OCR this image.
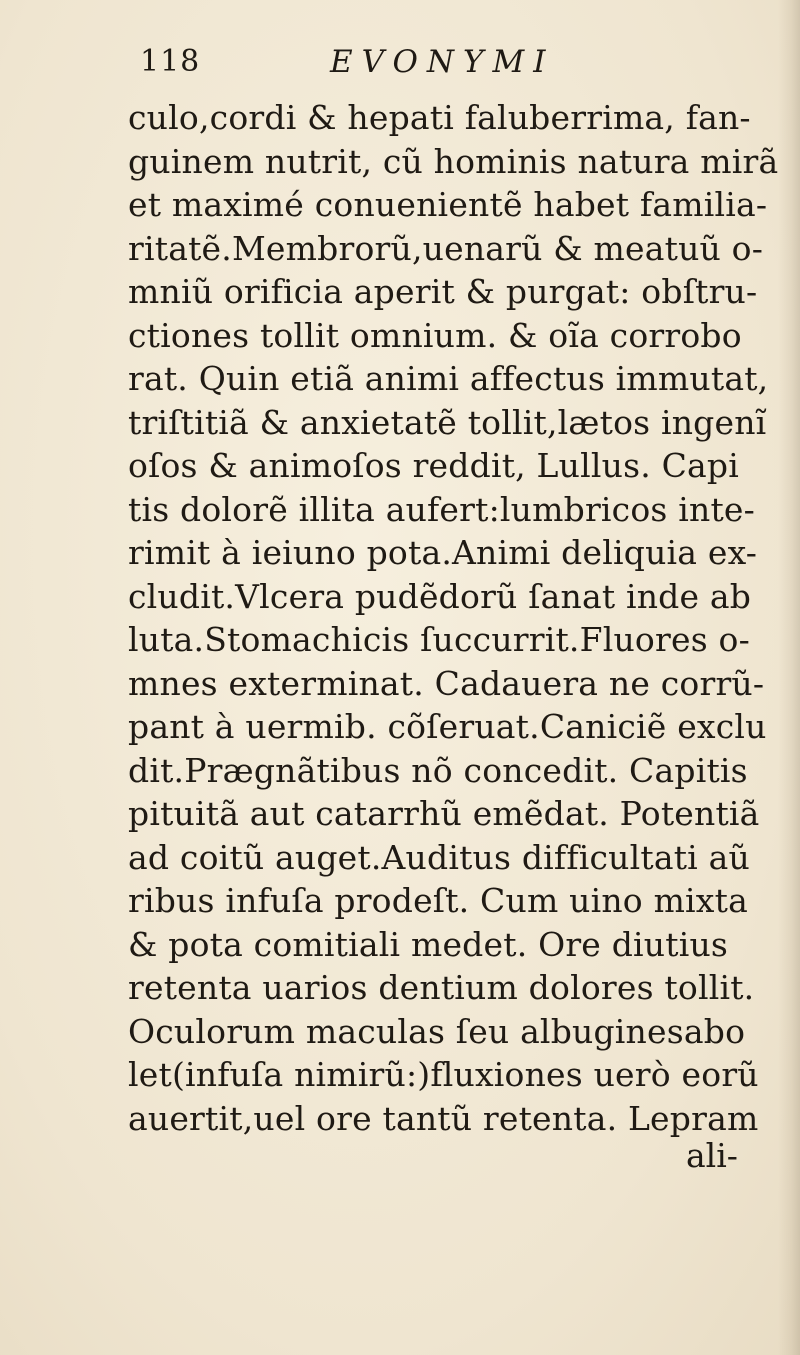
118	EVONYMI
culo,cordi & hepati faluberrima, fan-
guinem nutrit, cũ hominis natura mirã
et maximé conuenientẽ habet familia-
ritatẽ.Membrorũ,uenarũ & meatuũ o-
mniũ orificia aperit & purgat: obſtru-
ctiones tollit omnium. & oĩa corrobo
rat. Quin etiã animi affectus immutat,
triſtitiã & anxietatẽ tollit,lætos ingenĩ
oſos & animoſos reddit, Lullus. Capi
tis dolorẽ illita aufert:lumbricos inte-
rimit à ieiuno pota.Animi deliquia ex-
cludit.Vlcera pudẽdorũ ſanat inde ab
luta.Stomachicis ſuccurrit.Fluores o-
mnes exterminat. Cadauera ne corrũ-
pant à uermib. cõſeruat.Caniciẽ exclu
dit.Prægnãtibus nõ concedit. Capitis
pituitã aut catarrhũ emẽdat. Potentiã
ad coitũ auget.Auditus difficultati aũ
ribus infuſa prodeſt. Cum uino mixta
& pota comitiali medet. Ore diutius
retenta uarios dentium dolores tollit.
Oculorum maculas ſeu albuginesabo
let(infuſa nimirũ:)fluxiones uerò eorũ
auertit,uel ore tantũ retenta. Lepram
ali-
